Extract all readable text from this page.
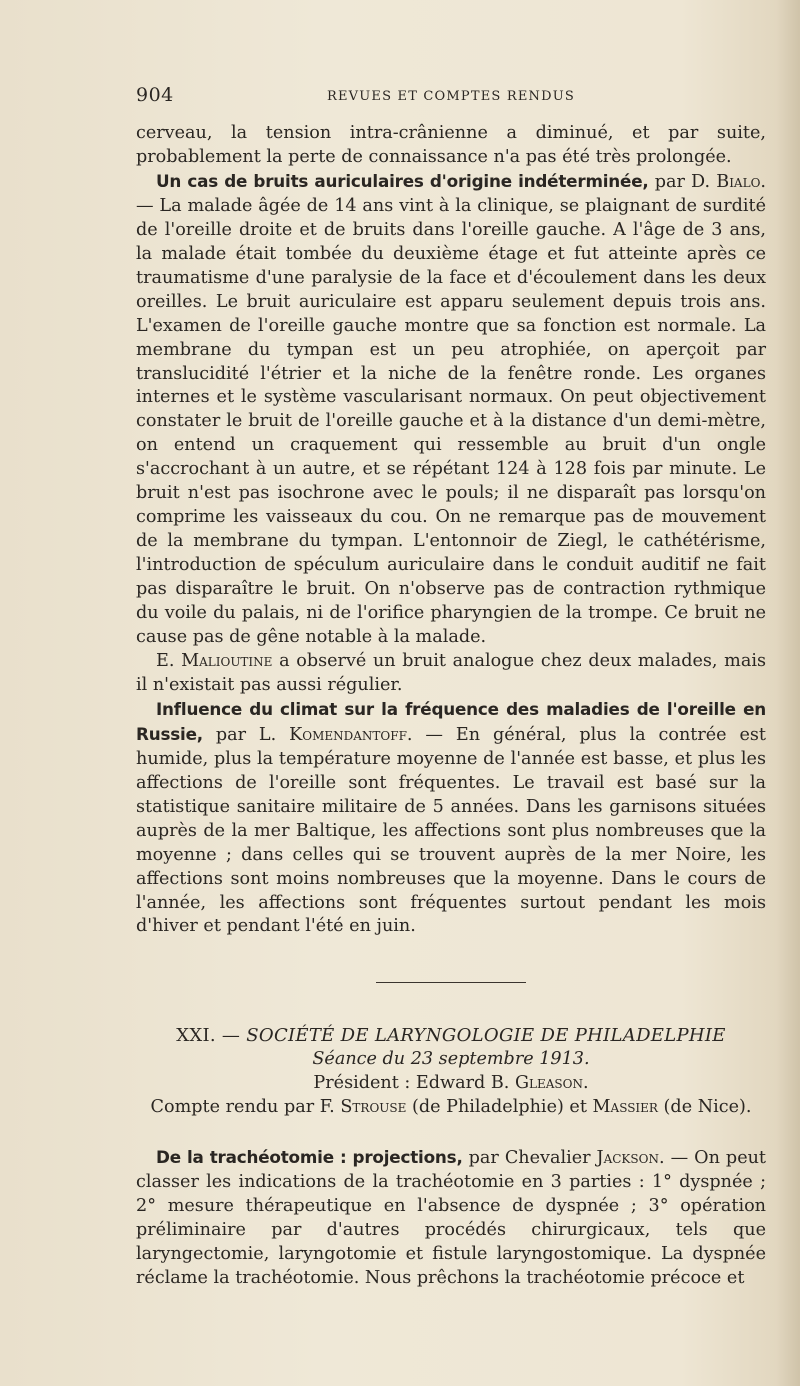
904	REVUES ET COMPTES RENDUS

cerveau, la tension intra-crânienne a diminué, et par suite, probablement la perte de connaissance n'a pas été très prolongée.

Un cas de bruits auriculaires d'origine indéterminée, par D. Bialo. — La malade âgée de 14 ans vint à la clinique, se plaignant de surdité de l'oreille droite et de bruits dans l'oreille gauche. A l'âge de 3 ans, la malade était tombée du deuxième étage et fut atteinte après ce traumatisme d'une paralysie de la face et d'écoulement dans les deux oreilles. Le bruit auriculaire est apparu seulement depuis trois ans. L'examen de l'oreille gauche montre que sa fonction est normale. La membrane du tympan est un peu atrophiée, on aperçoit par translucidité l'étrier et la niche de la fenêtre ronde. Les organes internes et le système vascularisant normaux. On peut objectivement constater le bruit de l'oreille gauche et à la distance d'un demi-mètre, on entend un craquement qui ressemble au bruit d'un ongle s'accrochant à un autre, et se répétant 124 à 128 fois par minute. Le bruit n'est pas isochrone avec le pouls; il ne disparaît pas lorsqu'on comprime les vaisseaux du cou. On ne remarque pas de mouvement de la membrane du tympan. L'entonnoir de Ziegl, le cathétérisme, l'introduction de spéculum auriculaire dans le conduit auditif ne fait pas disparaître le bruit. On n'observe pas de contraction rythmique du voile du palais, ni de l'orifice pharyngien de la trompe. Ce bruit ne cause pas de gêne notable à la malade.

E. Malioutine a observé un bruit analogue chez deux malades, mais il n'existait pas aussi régulier.

Influence du climat sur la fréquence des maladies de l'oreille en Russie, par L. Komendantoff. — En général, plus la contrée est humide, plus la température moyenne de l'année est basse, et plus les affections de l'oreille sont fréquentes. Le travail est basé sur la statistique sanitaire militaire de 5 années. Dans les garnisons situées auprès de la mer Baltique, les affections sont plus nombreuses que la moyenne ; dans celles qui se trouvent auprès de la mer Noire, les affections sont moins nombreuses que la moyenne. Dans le cours de l'année, les affections sont fréquentes surtout pendant les mois d'hiver et pendant l'été en juin.

XXI. — SOCIÉTÉ DE LARYNGOLOGIE DE PHILADELPHIE

Séance du 23 septembre 1913.

Président : Edward B. Gleason.

Compte rendu par F. Strouse (de Philadelphie) et Massier (de Nice).

De la trachéotomie : projections, par Chevalier Jackson. — On peut classer les indications de la trachéotomie en 3 parties : 1° dyspnée ; 2° mesure thérapeutique en l'absence de dyspnée ; 3° opération préliminaire par d'autres procédés chirurgicaux, tels que laryngectomie, laryngotomie et fistule laryngostomique. La dyspnée réclame la trachéotomie. Nous prêchons la trachéotomie précoce et
